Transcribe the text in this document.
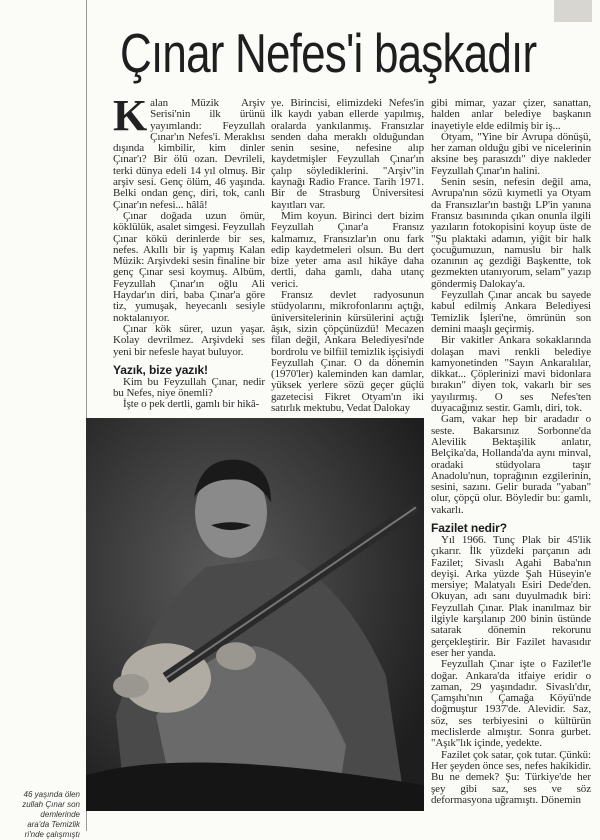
Çınar Nefes'i başkadır

Kalan Müzik Arşiv Serisi'nin ilk ürünü yayımlandı: Feyzullah Çınar'ın Nefes'i. Meraklısı dışında kimbilir, kim dinler Çınar'ı? Bir ölü ozan. Devrileli, terki dünya edeli 14 yıl olmuş. Bir arşiv sesi. Genç ölüm, 46 yaşında. Belki ondan genç, diri, tok, canlı Çınar'ın nefesi... hâlâ!

Çınar doğada uzun ömür, köklülük, asalet simgesi. Feyzullah Çınar kökü derinlerde bir ses, nefes. Akıllı bir iş yapmış Kalan Müzik: Arşivdeki sesin finaline bir genç Çınar sesi koymuş. Albüm, Feyzullah Çınar'ın oğlu Ali Haydar'ın diri, baba Çınar'a göre tiz, yumuşak, heyecanlı sesiyle noktalanıyor.

Çınar kök sürer, uzun yaşar. Kolay devrilmez. Arşivdeki ses yeni bir nefesle hayat buluyor.

Yazık, bize yazık!

Kim bu Feyzullah Çınar, nedir bu Nefes, niye önemli?

İşte o pek dertli, gamlı bir hikâ-

ye. Birincisi, elimizdeki Nefes'in ilk kaydı yaban ellerde yapılmış, oralarda yankılanmış. Fransızlar senden daha meraklı olduğundan senin sesine, nefesine alıp kaydetmişler Feyzullah Çınar'ın çalıp söylediklerini. "Arşiv"in kaynağı Radio France. Tarih 1971. Bir de Strasburg Üniversitesi kayıtları var.

Mim koyun. Birinci dert bizim Feyzullah Çınar'a Fransız kalmamız, Fransızlar'ın onu fark edip kaydetmeleri olsun. Bu dert bize yeter ama asıl hikâye daha dertli, daha gamlı, daha utanç verici.

Fransız devlet radyosunun stüdyolarını, mikrofonlarını açtığı, üniversitelerinin kürsülerini açtığı âşık, sizin çöpçünüzdü! Mecazen filan değil, Ankara Belediyesi'nde bordrolu ve bilfiil temizlik işçisiydi Feyzullah Çınar. O da dönemin (1970'ler) kaleminden kan damlar, yüksek yerlere sözü geçer güçlü gazetecisi Fikret Otyam'ın iki satırlık mektubu, Vedat Dalokay

gibi mimar, yazar çizer, sanattan, halden anlar belediye başkanın inayetiyle elde edilmiş bir iş...

Otyam, "Yine bir Avrupa dönüşü, her zaman olduğu gibi ve nicelerinin aksine beş parasızdı" diye nakleder Feyzullah Çınar'ın halini.

Senin sesin, nefesin değil ama, Avrupa'nın sözü kıymetli ya Otyam da Fransızlar'ın bastığı LP'in yanına Fransız basınında çıkan onunla ilgili yazıların fotokopisini koyup üste de "Şu plaktaki adamın, yiğit bir halk çocuğumuzun, namuslu bir halk ozanının aç gezdiği Başkentte, tok gezmekten utanıyorum, selam" yazıp göndermiş Dalokay'a.

Feyzullah Çınar ancak bu sayede kabul edilmiş Ankara Belediyesi Temizlik İşleri'ne, ömrünün son demini maaşlı geçirmiş.

Bir vakitler Ankara sokaklarında dolaşan mavi renkli belediye kamyonetinden "Sayın Ankaralılar, dikkat... Çöplerinizi mavi bidonlara bırakın" diyen tok, vakarlı bir ses yayılırmış. O ses Nefes'ten duyacağınız sestir. Gamlı, diri, tok.

Gam, vakar hep bir aradadır o seste. Bakarsınız Sorbonne'da Alevilik Bektaşilik anlatır, Belçika'da, Hollanda'da aynı minval, oradaki stüdyolara taşır Anadolu'nun, toprağının ezgilerinin, sesini, sazını. Gelir burada "yaban" olur, çöpçü olur. Böyledir bu: gamlı, vakarlı.

Fazilet nedir?

Yıl 1966. Tunç Plak bir 45'lik çıkarır. İlk yüzdeki parçanın adı Fazilet; Sivaslı Agahi Baba'nın deyişi. Arka yüzde Şah Hüseyin'e mersiye; Malatyalı Esiri Dede'den. Okuyan, adı sanı duyulmadık biri: Feyzullah Çınar. Plak inanılmaz bir ilgiyle karşılanıp 200 binin üstünde satarak dönemin rekorunu gerçekleştirir. Bir Fazilet havasıdır eser her yanda.

Feyzullah Çınar işte o Fazilet'le doğar. Ankara'da itfaiye eridir o zaman, 29 yaşındadır. Sivaslı'dır, Çamşıhı'nın Çamağa Köyü'nde doğmuştur 1937'de. Alevidir. Saz, söz, ses terbiyesini o kültürün meclislerde almıştır. Sonra gurbet. "Aşık"lık içinde, yedekte.

Fazilet çok satar, çok tutar. Çünkü: Her şeyden önce ses, nefes hakikidir. Bu ne demek? Şu: Türkiye'de her şey gibi saz, ses ve söz deformasyona uğramıştı. Dönemin

46 yaşında ölen
zullah Çınar son
demlerinde
ara'da Temizlik
ri'nde çalışmıştı
